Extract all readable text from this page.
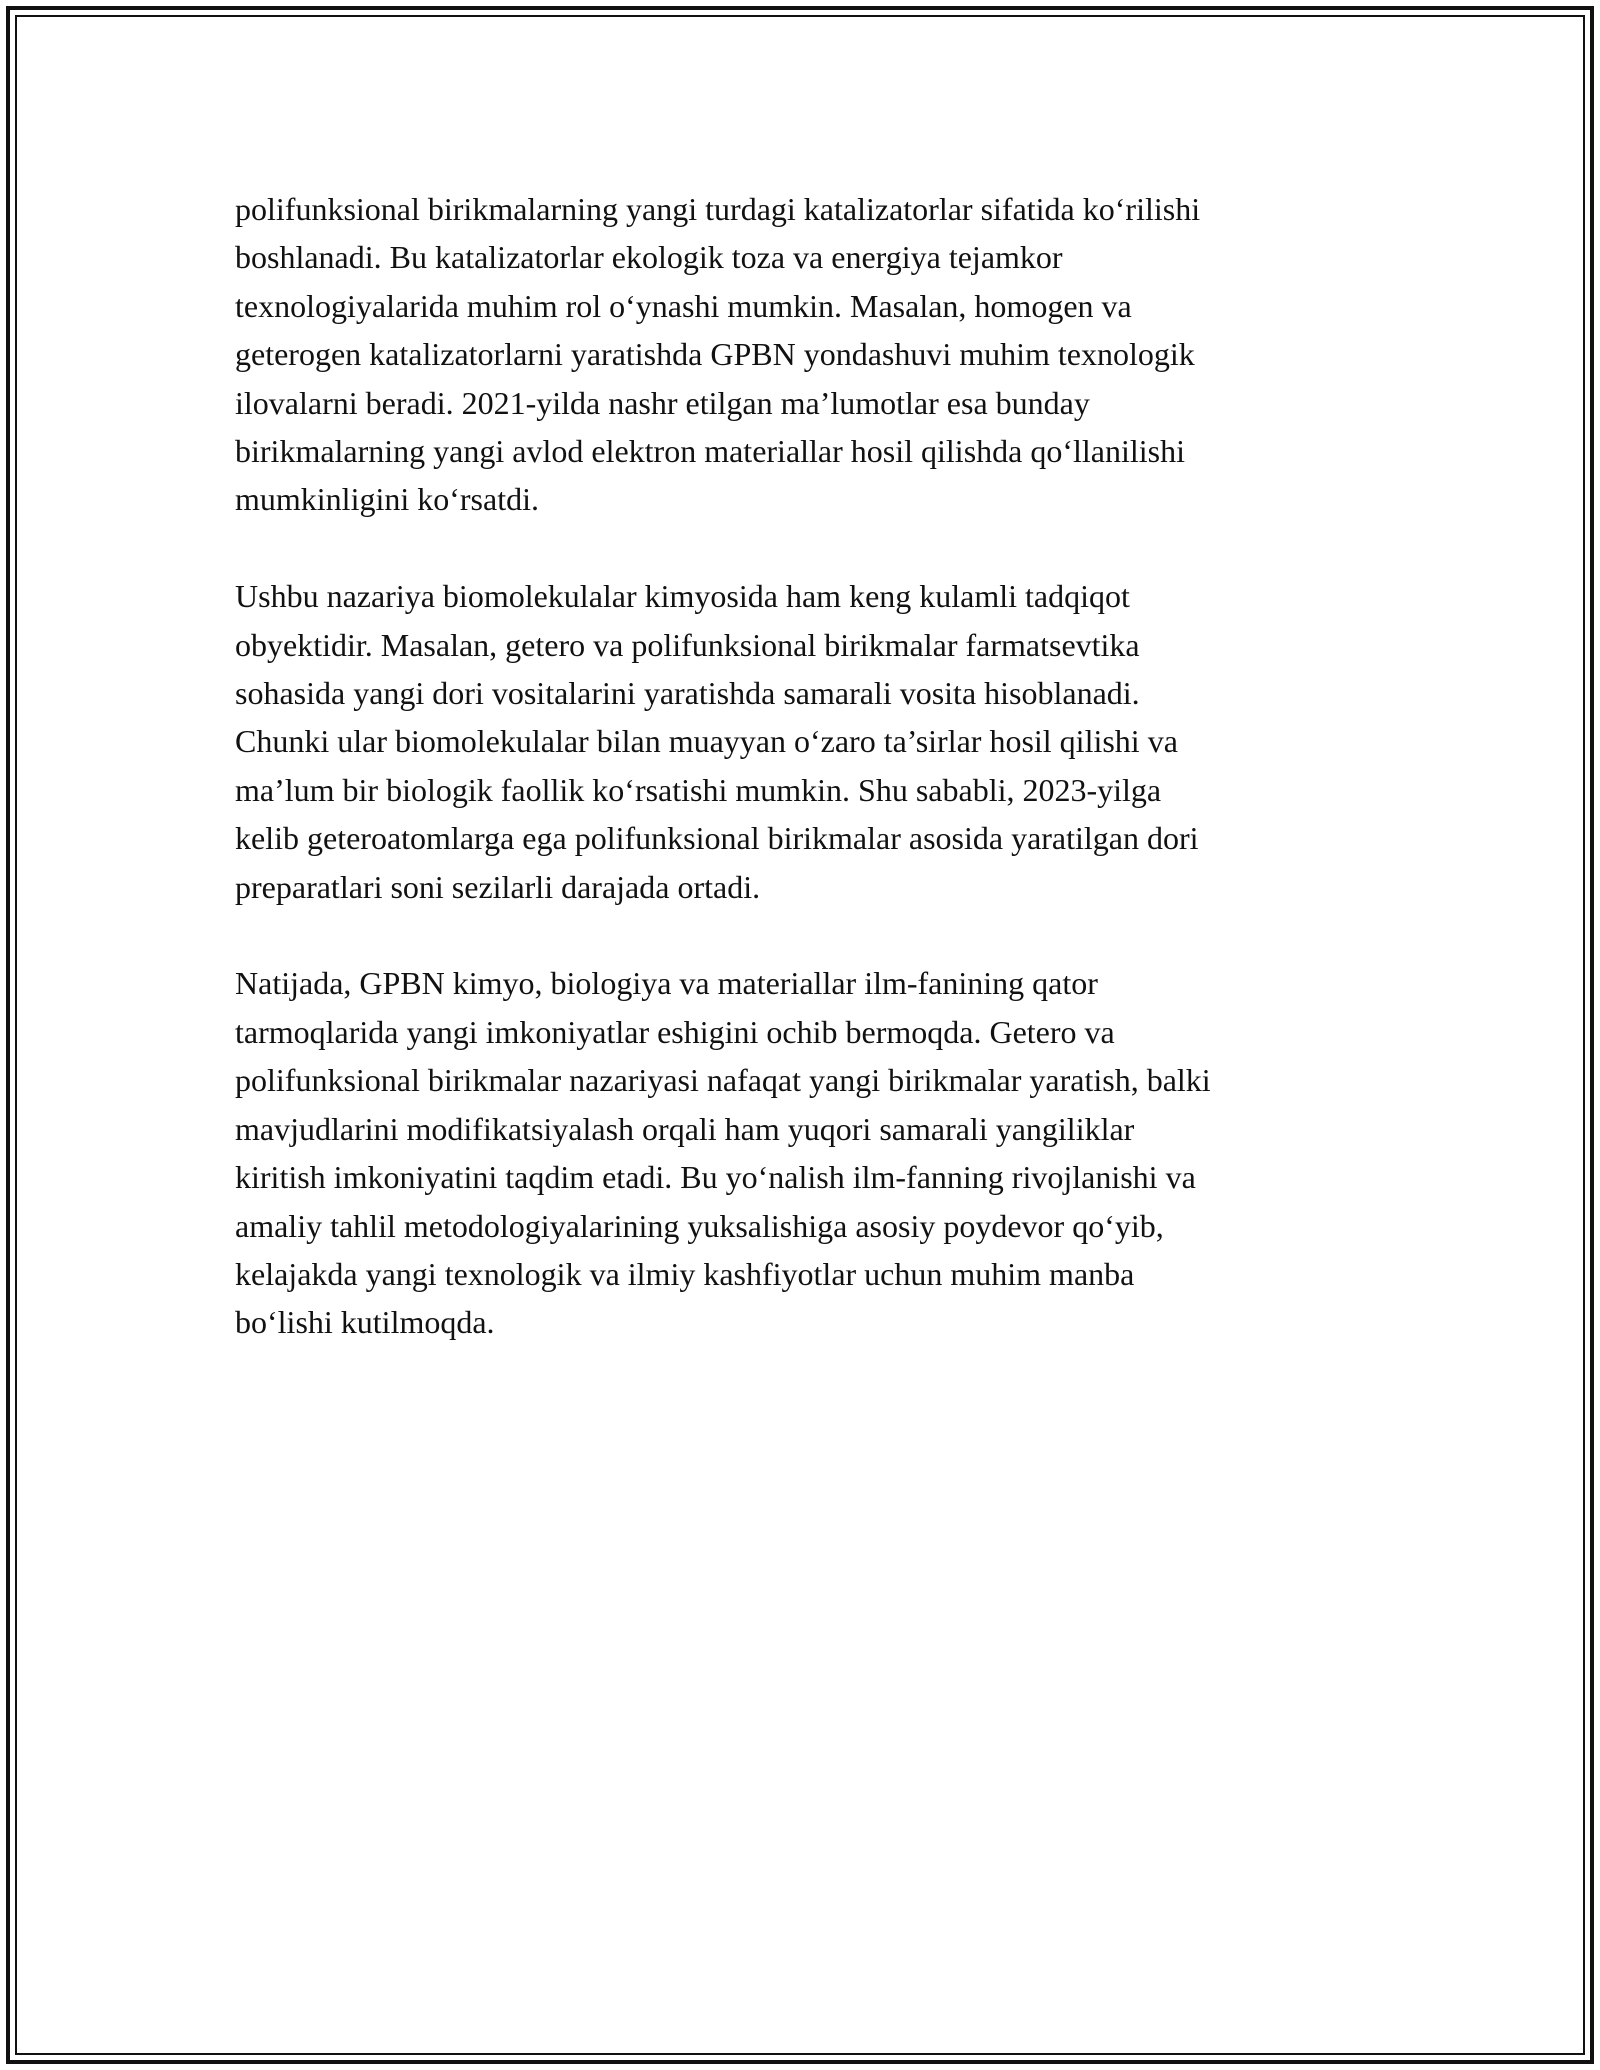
polifunksional birikmalarning yangi turdagi katalizatorlar sifatida ko‘rilishi
boshlanadi. Bu katalizatorlar ekologik toza va energiya tejamkor
texnologiyalarida muhim rol o‘ynashi mumkin. Masalan, homogen va
geterogen katalizatorlarni yaratishda GPBN yondashuvi muhim texnologik
ilovalarni beradi. 2021-yilda nashr etilgan ma’lumotlar esa bunday
birikmalarning yangi avlod elektron materiallar hosil qilishda qo‘llanilishi
mumkinligini ko‘rsatdi.

Ushbu nazariya biomolekulalar kimyosida ham keng kulamli tadqiqot
obyektidir. Masalan, getero va polifunksional birikmalar farmatsevtika
sohasida yangi dori vositalarini yaratishda samarali vosita hisoblanadi.
Chunki ular biomolekulalar bilan muayyan o‘zaro ta’sirlar hosil qilishi va
ma’lum bir biologik faollik ko‘rsatishi mumkin. Shu sababli, 2023-yilga
kelib geteroatomlarga ega polifunksional birikmalar asosida yaratilgan dori
preparatlari soni sezilarli darajada ortadi.

Natijada, GPBN kimyo, biologiya va materiallar ilm-fanining qator
tarmoqlarida yangi imkoniyatlar eshigini ochib bermoqda. Getero va
polifunksional birikmalar nazariyasi nafaqat yangi birikmalar yaratish, balki
mavjudlarini modifikatsiyalash orqali ham yuqori samarali yangiliklar
kiritish imkoniyatini taqdim etadi. Bu yo‘nalish ilm-fanning rivojlanishi va
amaliy tahlil metodologiyalarining yuksalishiga asosiy poydevor qo‘yib,
kelajakda yangi texnologik va ilmiy kashfiyotlar uchun muhim manba
bo‘lishi kutilmoqda.
